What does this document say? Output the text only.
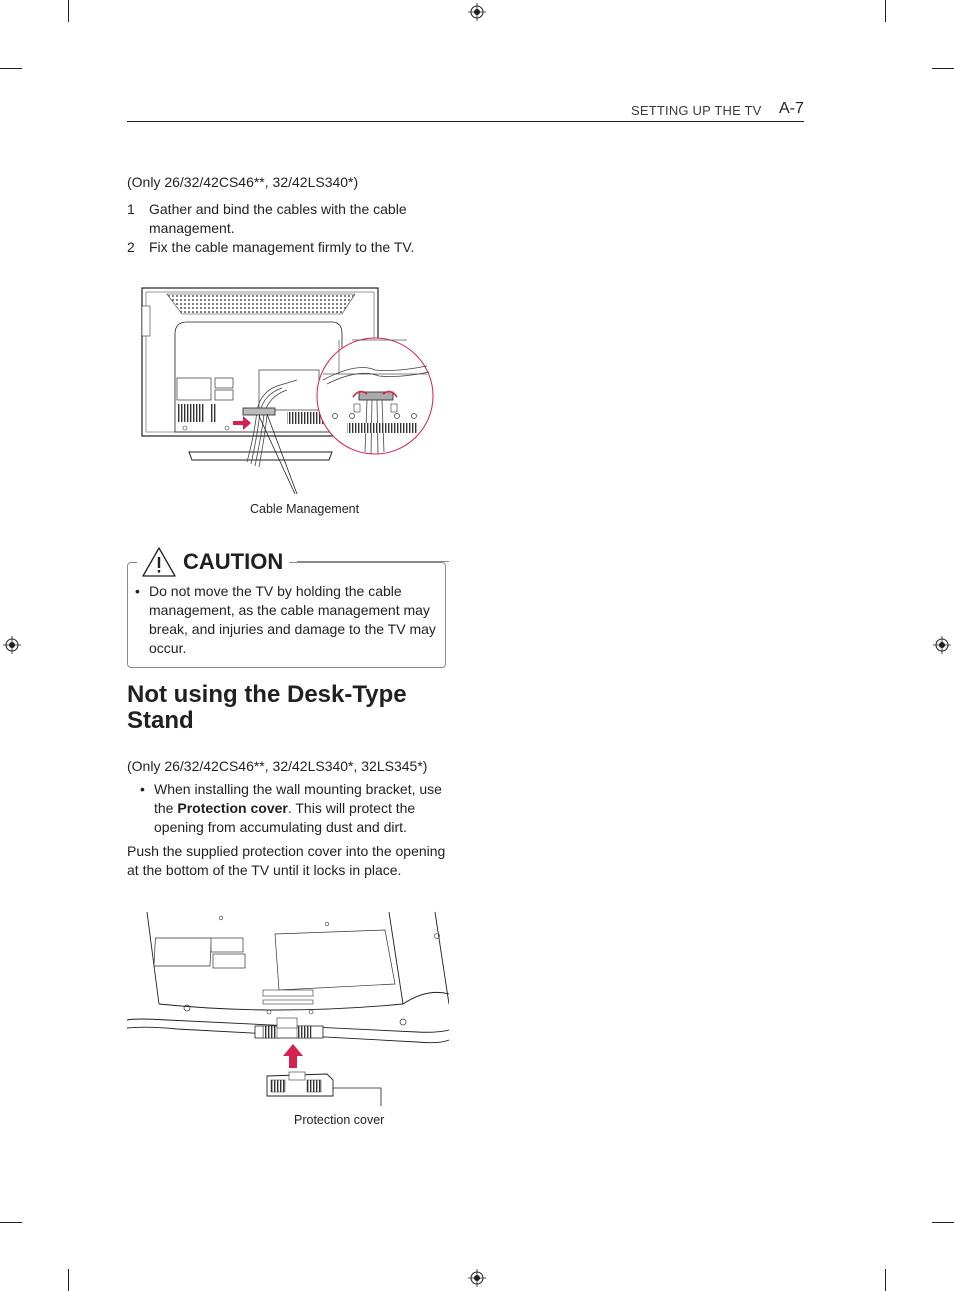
SETTING UP THE TV A-7
(Only 26/32/42CS46**, 32/42LS340*)
1 Gather and bind the cables with the cable management.
2 Fix the cable management firmly to the TV.
Cable Management
CAUTION
• Do not move the TV by holding the cable management, as the cable management may break, and injuries and damage to the TV may occur.
Not using the Desk-Type Stand
(Only 26/32/42CS46**, 32/42LS340*, 32LS345*)
• When installing the wall mounting bracket, use the Protection cover. This will protect the opening from accumulating dust and dirt.
Push the supplied protection cover into the opening at the bottom of the TV until it locks in place.
Protection cover
